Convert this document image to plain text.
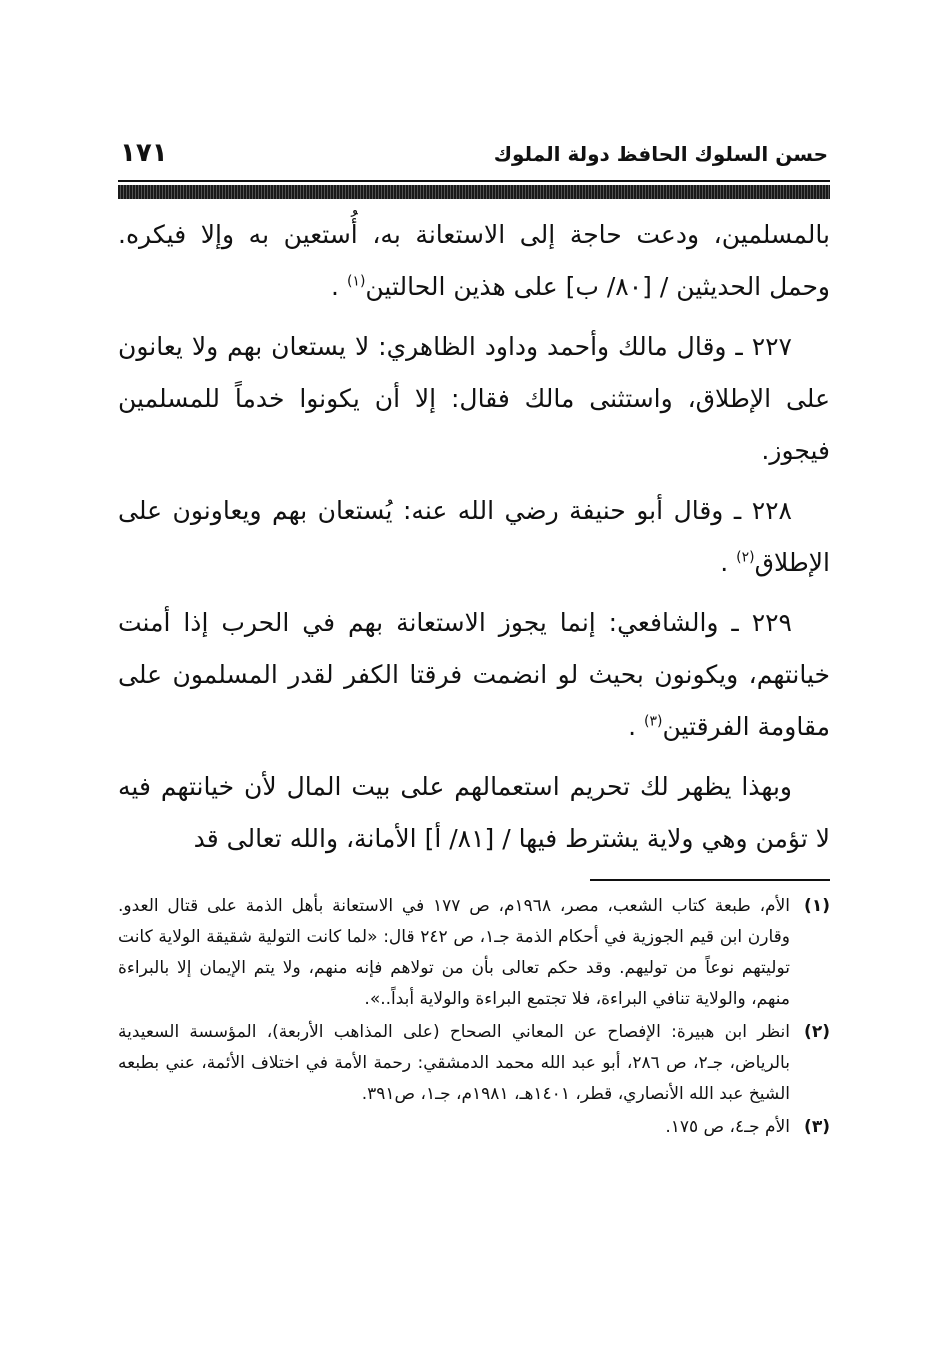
حسن السلوك الحافظ دولة الملوك
١٧١

بالمسلمين، ودعت حاجة إلى الاستعانة به، أُستعين به وإلا فيكره. وحمل الحديثين / [٨٠/ ب] على هذين الحالتين$^{(١)}$ .

٢٢٧ ـ وقال مالك وأحمد وداود الظاهري: لا يستعان بهم ولا يعانون على الإطلاق، واستثنى مالك فقال: إلا أن يكونوا خدماً للمسلمين فيجوز.

٢٢٨ ـ وقال أبو حنيفة رضي الله عنه: يُستعان بهم ويعاونون على الإطلاق$^{(٢)}$ .

٢٢٩ ـ والشافعي: إنما يجوز الاستعانة بهم في الحرب إذا أمنت خيانتهم، ويكونون بحيث لو انضمت فرقتا الكفر لقدر المسلمون على مقاومة الفرقتين$^{(٣)}$ .

وبهذا يظهر لك تحريم استعمالهم على بيت المال لأن خيانتهم فيه لا تؤمن وهي ولاية يشترط فيها / [٨١/ أ] الأمانة، والله تعالى قد

(١)
الأم، طبعة كتاب الشعب، مصر، ١٩٦٨م، ص ١٧٧ في الاستعانة بأهل الذمة على قتال العدو. وقارن ابن قيم الجوزية في أحكام الذمة جـ١، ص ٢٤٢ قال: «لما كانت التولية شقيقة الولاية كانت توليتهم نوعاً من توليهم. وقد حكم تعالى بأن من تولاهم فإنه منهم، ولا يتم الإيمان إلا بالبراءة منهم، والولاية تنافي البراءة، فلا تجتمع البراءة والولاية أبداً..».
(٢)
انظر ابن هبيرة: الإفصاح عن المعاني الصحاح (على المذاهب الأربعة)، المؤسسة السعيدية بالرياض، جـ٢، ص ٢٨٦، أبو عبد الله محمد الدمشقي: رحمة الأمة في اختلاف الأئمة، عني بطبعه الشيخ عبد الله الأنصاري، قطر، ١٤٠١هـ، ١٩٨١م، جـ١، ص٣٩١.
(٣)
الأم جـ٤، ص ١٧٥.
